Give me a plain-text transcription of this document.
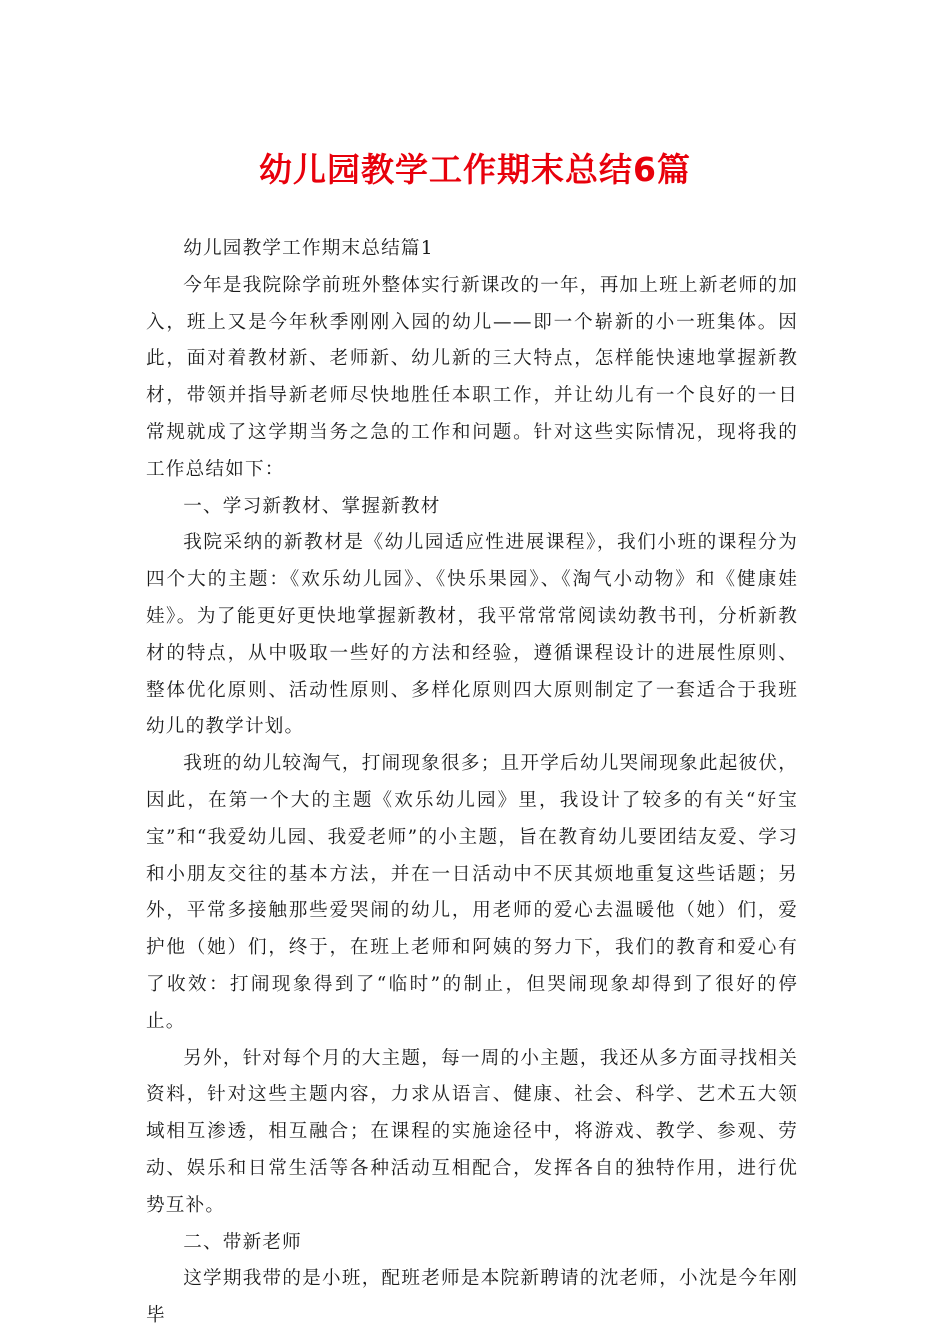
幼儿园教学工作期末总结6篇

幼儿园教学工作期末总结篇1

今年是我院除学前班外整体实行新课改的一年，再加上班上新老师的加入，班上又是今年秋季刚刚入园的幼儿——即一个崭新的小一班集体。因此，面对着教材新、老师新、幼儿新的三大特点，怎样能快速地掌握新教材，带领并指导新老师尽快地胜任本职工作，并让幼儿有一个良好的一日常规就成了这学期当务之急的工作和问题。针对这些实际情况，现将我的工作总结如下：

一、学习新教材、掌握新教材

我院采纳的新教材是《幼儿园适应性进展课程》，我们小班的课程分为四个大的主题：《欢乐幼儿园》、《快乐果园》、《淘气小动物》和《健康娃娃》。为了能更好更快地掌握新教材，我平常常常阅读幼教书刊，分析新教材的特点，从中吸取一些好的方法和经验，遵循课程设计的进展性原则、整体优化原则、活动性原则、多样化原则四大原则制定了一套适合于我班幼儿的教学计划。

我班的幼儿较淘气，打闹现象很多；且开学后幼儿哭闹现象此起彼伏，因此，在第一个大的主题《欢乐幼儿园》里，我设计了较多的有关“好宝宝”和“我爱幼儿园、我爱老师”的小主题，旨在教育幼儿要团结友爱、学习和小朋友交往的基本方法，并在一日活动中不厌其烦地重复这些话题；另外，平常多接触那些爱哭闹的幼儿，用老师的爱心去温暖他（她）们，爱护他（她）们，终于，在班上老师和阿姨的努力下，我们的教育和爱心有了收效：打闹现象得到了“临时”的制止，但哭闹现象却得到了很好的停止。

另外，针对每个月的大主题，每一周的小主题，我还从多方面寻找相关资料，针对这些主题内容，力求从语言、健康、社会、科学、艺术五大领域相互渗透，相互融合；在课程的实施途径中，将游戏、教学、参观、劳动、娱乐和日常生活等各种活动互相配合，发挥各自的独特作用，进行优势互补。

二、带新老师

这学期我带的是小班，配班老师是本院新聘请的沈老师，小沈是今年刚毕
